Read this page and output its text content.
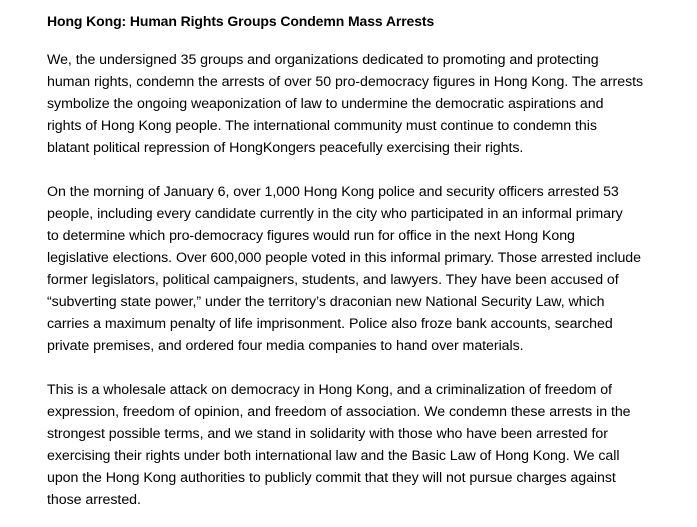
Hong Kong: Human Rights Groups Condemn Mass Arrests

We, the undersigned 35 groups and organizations dedicated to promoting and protecting
human rights, condemn the arrests of over 50 pro-democracy figures in Hong Kong. The arrests
symbolize the ongoing weaponization of law to undermine the democratic aspirations and
rights of Hong Kong people. The international community must continue to condemn this
blatant political repression of HongKongers peacefully exercising their rights.

On the morning of January 6, over 1,000 Hong Kong police and security officers arrested 53
people, including every candidate currently in the city who participated in an informal primary
to determine which pro-democracy figures would run for office in the next Hong Kong
legislative elections. Over 600,000 people voted in this informal primary. Those arrested include
former legislators, political campaigners, students, and lawyers. They have been accused of
“subverting state power,” under the territory’s draconian new National Security Law, which
carries a maximum penalty of life imprisonment. Police also froze bank accounts, searched
private premises, and ordered four media companies to hand over materials.

This is a wholesale attack on democracy in Hong Kong, and a criminalization of freedom of
expression, freedom of opinion, and freedom of association. We condemn these arrests in the
strongest possible terms, and we stand in solidarity with those who have been arrested for
exercising their rights under both international law and the Basic Law of Hong Kong. We call
upon the Hong Kong authorities to publicly commit that they will not pursue charges against
those arrested.
